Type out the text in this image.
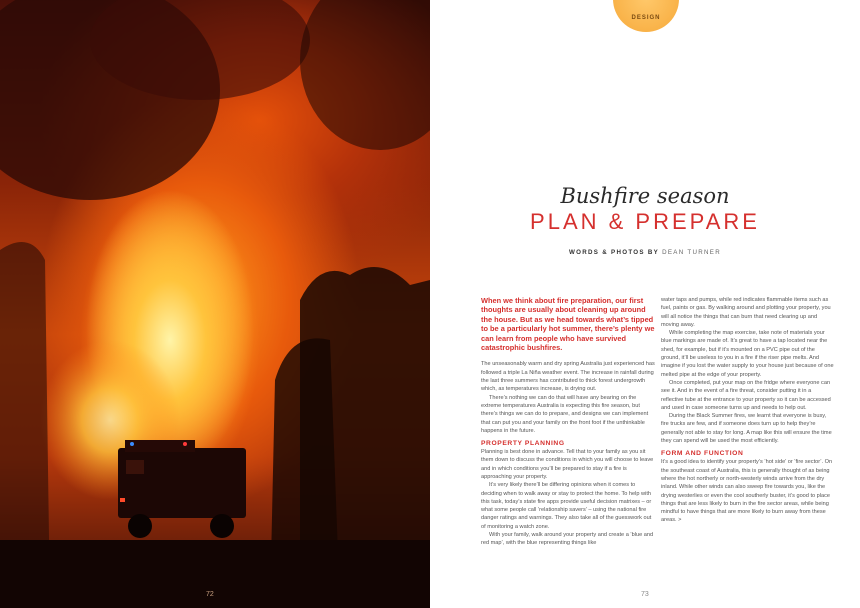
72
DESIGN
Bushfire season
PLAN & PREPARE
WORDS & PHOTOS BY DEAN TURNER
When we think about fire preparation, our first thoughts are usually about cleaning up around the house. But as we head towards what’s tipped to be a particularly hot summer, there’s plenty we can learn from people who have survived catastrophic bushfires.
The unseasonably warm and dry spring Australia just experienced has followed a triple La Niña weather event. The increase in rainfall during the last three summers has contributed to thick forest undergrowth which, as temperatures increase, is drying out.
There’s nothing we can do that will have any bearing on the extreme temperatures Australia is expecting this fire season, but there’s things we can do to prepare, and designs we can implement that can put you and your family on the front foot if the unthinkable happens in the future.
PROPERTY PLANNING
Planning is best done in advance. Tell that to your family as you sit them down to discuss the conditions in which you will choose to leave and in which conditions you’ll be prepared to stay if a fire is approaching your property.
It’s very likely there’ll be differing opinions when it comes to deciding when to walk away or stay to protect the home. To help with this task, today’s state fire apps provide useful decision matrixes – or what some people call ‘relationship savers’ – using the national fire danger ratings and warnings. They also take all of the guesswork out of monitoring a watch zone.
With your family, walk around your property and create a ‘blue and red map’, with the blue representing things like
water taps and pumps, while red indicates flammable items such as fuel, paints or gas. By walking around and plotting your property, you will all notice the things that can burn that need clearing up and moving away.
While completing the map exercise, take note of materials your blue markings are made of. It’s great to have a tap located near the shed, for example, but if it’s mounted on a PVC pipe out of the ground, it’ll be useless to you in a fire if the riser pipe melts. And imagine if you lost the water supply to your house just because of one melted pipe at the edge of your property.
Once completed, put your map on the fridge where everyone can see it. And in the event of a fire threat, consider putting it in a reflective tube at the entrance to your property so it can be accessed and used in case someone turns up and needs to help out.
During the Black Summer fires, we learnt that everyone is busy, fire trucks are few, and if someone does turn up to help they’re generally not able to stay for long. A map like this will ensure the time they can spend will be used the most efficiently.
FORM AND FUNCTION
It’s a good idea to identify your property’s ‘hot side’ or ‘fire sector’. On the southeast coast of Australia, this is generally thought of as being where the hot northerly or north-westerly winds arrive from the dry inland. While other winds can also sweep fire towards you, like the drying westerlies or even the cool southerly buster, it’s good to place things that are less likely to burn in the fire sector areas, while being mindful to have things that are more likely to burn away from these areas. >
73
